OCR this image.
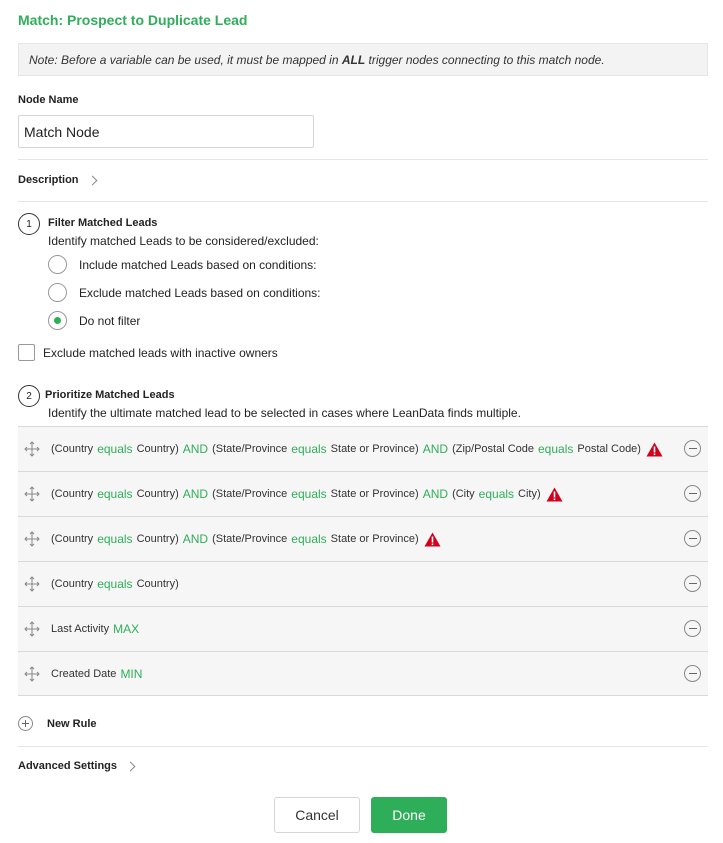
Match: Prospect to Duplicate Lead
Note: Before a variable can be used, it must be mapped in ALL trigger nodes connecting to this match node.
Node Name
Match Node
Description
1	Filter Matched Leads
Identify matched Leads to be considered/excluded:
Include matched Leads based on conditions:
Exclude matched Leads based on conditions:
Do not filter
Exclude matched leads with inactive owners
2	Prioritize Matched Leads
Identify the ultimate matched lead to be selected in cases where LeanData finds multiple.
(Country equals Country) AND (State/Province equals State or Province) AND (Zip/Postal Code equals Postal Code)
(Country equals Country) AND (State/Province equals State or Province) AND (City equals City)
(Country equals Country) AND (State/Province equals State or Province)
(Country equals Country)
Last Activity MAX
Created Date MIN
New Rule
Advanced Settings
Cancel	Done
